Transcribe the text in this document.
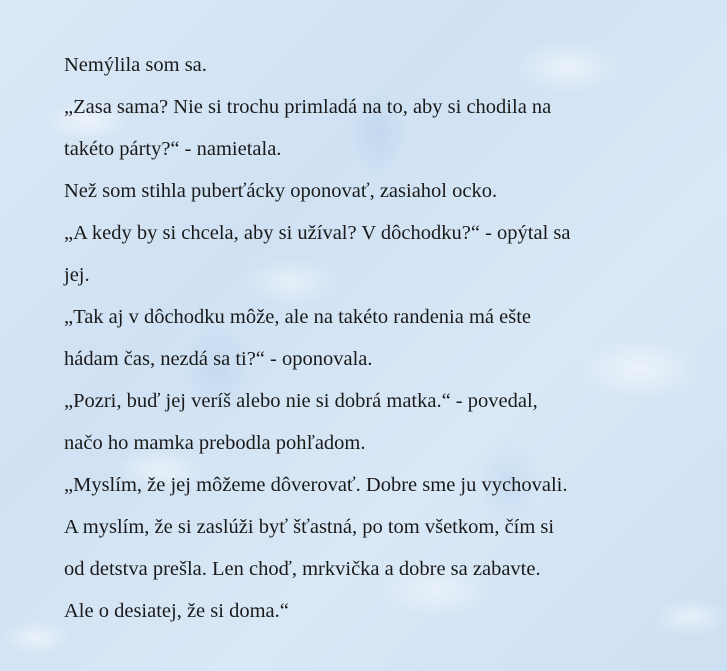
Nemýlila som sa.
„Zasa sama? Nie si trochu primladá na to, aby si chodila na
takéto párty?“ - namietala.
Než som stihla puberťácky oponovať, zasiahol ocko.
„A kedy by si chcela, aby si užíval? V dôchodku?“ - opýtal sa
jej.
„Tak aj v dôchodku môže, ale na takéto randenia má ešte
hádam čas, nezdá sa ti?“ - oponovala.
„Pozri, buď jej veríš alebo nie si dobrá matka.“ - povedal,
načo ho mamka prebodla pohľadom.
„Myslím, že jej môžeme dôverovať. Dobre sme ju vychovali.
A myslím, že si zaslúži byť šťastná, po tom všetkom, čím si
od detstva prešla. Len choď, mrkvička a dobre sa zabavte.
Ale o desiatej, že si doma.“
